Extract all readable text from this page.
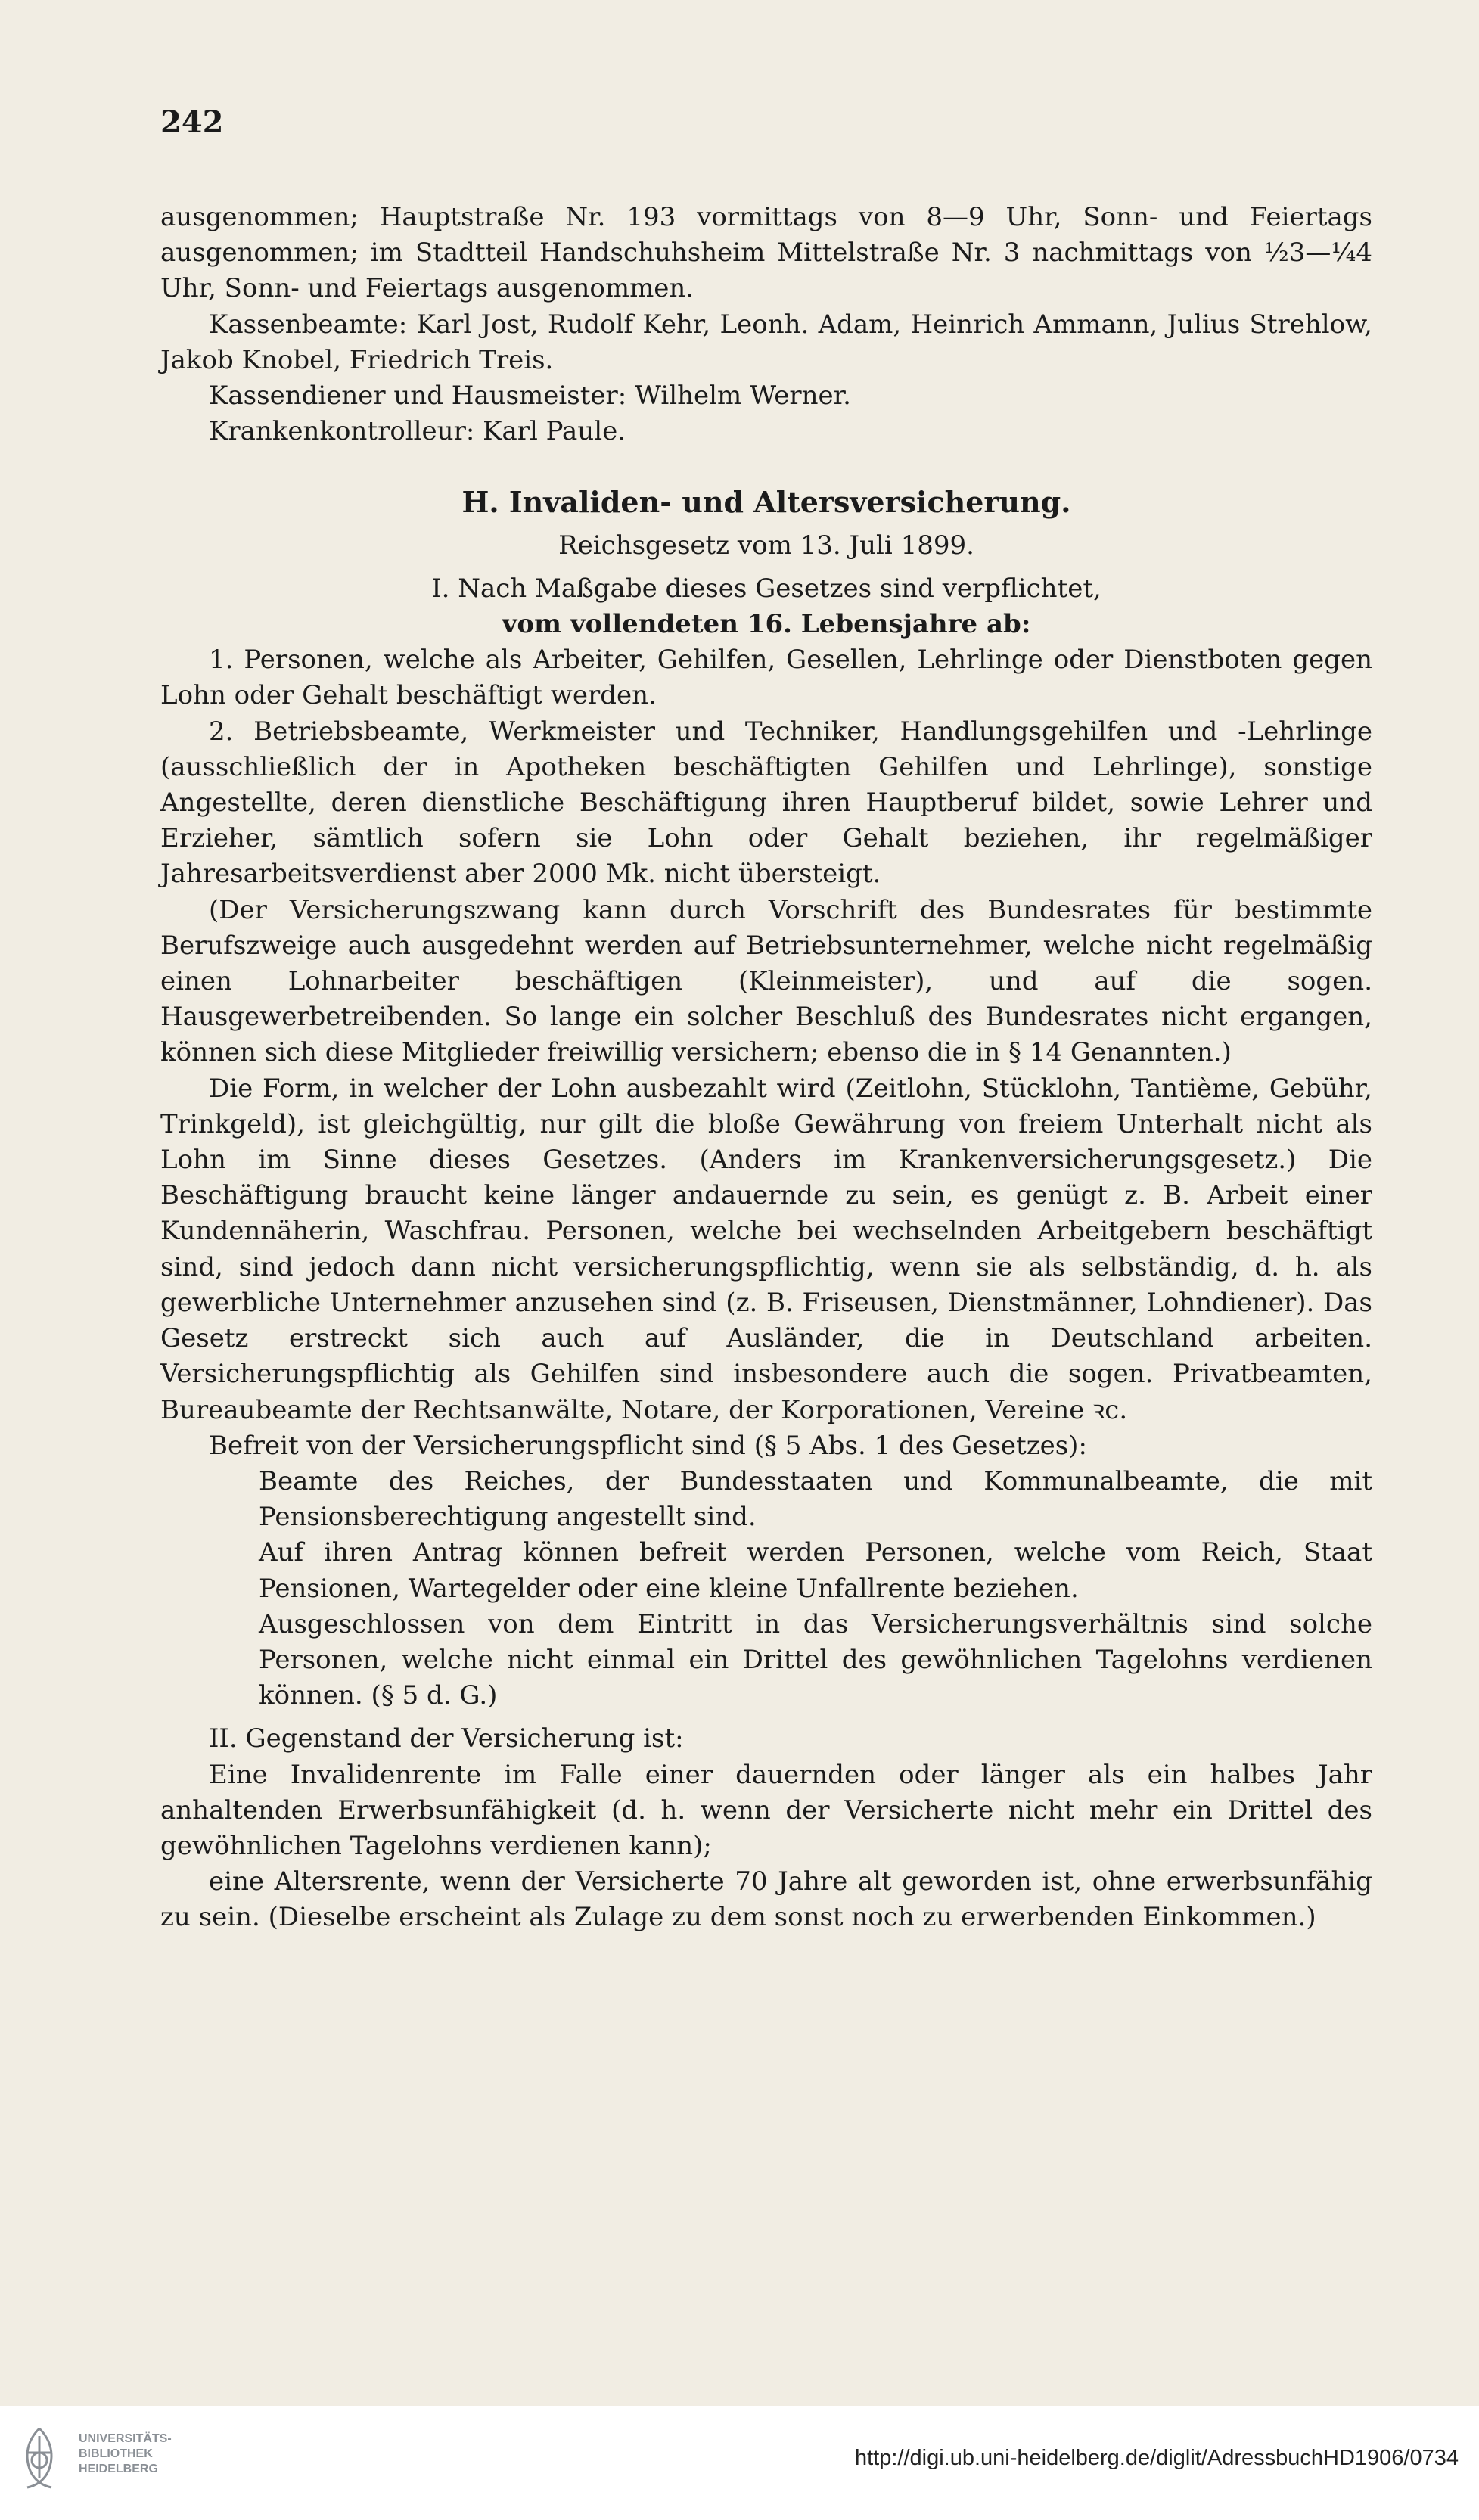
242

ausgenommen; Hauptstraße Nr. 193 vormittags von 8—9 Uhr, Sonn- und Feiertags ausgenommen; im Stadtteil Handschuhsheim Mittelstraße Nr. 3 nachmittags von ½3—¼4 Uhr, Sonn- und Feiertags ausgenommen.

Kassenbeamte: Karl Jost, Rudolf Kehr, Leonh. Adam, Heinrich Ammann, Julius Strehlow, Jakob Knobel, Friedrich Treis.

Kassendiener und Hausmeister: Wilhelm Werner.

Krankenkontrolleur: Karl Paule.

H. Invaliden- und Altersversicherung.

Reichsgesetz vom 13. Juli 1899.

I. Nach Maßgabe dieses Gesetzes sind verpflichtet,

vom vollendeten 16. Lebensjahre ab:

1. Personen, welche als Arbeiter, Gehilfen, Gesellen, Lehrlinge oder Dienstboten gegen Lohn oder Gehalt beschäftigt werden.

2. Betriebsbeamte, Werkmeister und Techniker, Handlungsgehilfen und -Lehrlinge (ausschließlich der in Apotheken beschäftigten Gehilfen und Lehrlinge), sonstige Angestellte, deren dienstliche Beschäftigung ihren Hauptberuf bildet, sowie Lehrer und Erzieher, sämtlich sofern sie Lohn oder Gehalt beziehen, ihr regelmäßiger Jahresarbeitsverdienst aber 2000 Mk. nicht übersteigt.

(Der Versicherungszwang kann durch Vorschrift des Bundesrates für bestimmte Berufszweige auch ausgedehnt werden auf Betriebsunternehmer, welche nicht regelmäßig einen Lohnarbeiter beschäftigen (Kleinmeister), und auf die sogen. Hausgewerbetreibenden. So lange ein solcher Beschluß des Bundesrates nicht ergangen, können sich diese Mitglieder freiwillig versichern; ebenso die in § 14 Genannten.)

Die Form, in welcher der Lohn ausbezahlt wird (Zeitlohn, Stücklohn, Tantième, Gebühr, Trinkgeld), ist gleichgültig, nur gilt die bloße Gewährung von freiem Unterhalt nicht als Lohn im Sinne dieses Gesetzes. (Anders im Krankenversicherungsgesetz.) Die Beschäftigung braucht keine länger andauernde zu sein, es genügt z. B. Arbeit einer Kundennäherin, Waschfrau. Personen, welche bei wechselnden Arbeitgebern beschäftigt sind, sind jedoch dann nicht versicherungspflichtig, wenn sie als selbständig, d. h. als gewerbliche Unternehmer anzusehen sind (z. B. Friseusen, Dienstmänner, Lohndiener). Das Gesetz erstreckt sich auch auf Ausländer, die in Deutschland arbeiten. Versicherungspflichtig als Gehilfen sind insbesondere auch die sogen. Privatbeamten, Bureaubeamte der Rechtsanwälte, Notare, der Korporationen, Vereine ꝛc.

Befreit von der Versicherungspflicht sind (§ 5 Abs. 1 des Gesetzes):

Beamte des Reiches, der Bundesstaaten und Kommunalbeamte, die mit Pensionsberechtigung angestellt sind.

Auf ihren Antrag können befreit werden Personen, welche vom Reich, Staat Pensionen, Wartegelder oder eine kleine Unfallrente beziehen.

Ausgeschlossen von dem Eintritt in das Versicherungsverhältnis sind solche Personen, welche nicht einmal ein Drittel des gewöhnlichen Tagelohns verdienen können. (§ 5 d. G.)

II. Gegenstand der Versicherung ist:

Eine Invalidenrente im Falle einer dauernden oder länger als ein halbes Jahr anhaltenden Erwerbsunfähigkeit (d. h. wenn der Versicherte nicht mehr ein Drittel des gewöhnlichen Tagelohns verdienen kann);

eine Altersrente, wenn der Versicherte 70 Jahre alt geworden ist, ohne erwerbsunfähig zu sein. (Dieselbe erscheint als Zulage zu dem sonst noch zu erwerbenden Einkommen.)

UNIVERSITÄTS-
BIBLIOTHEK
HEIDELBERG	http://digi.ub.uni-heidelberg.de/diglit/AdressbuchHD1906/0734
